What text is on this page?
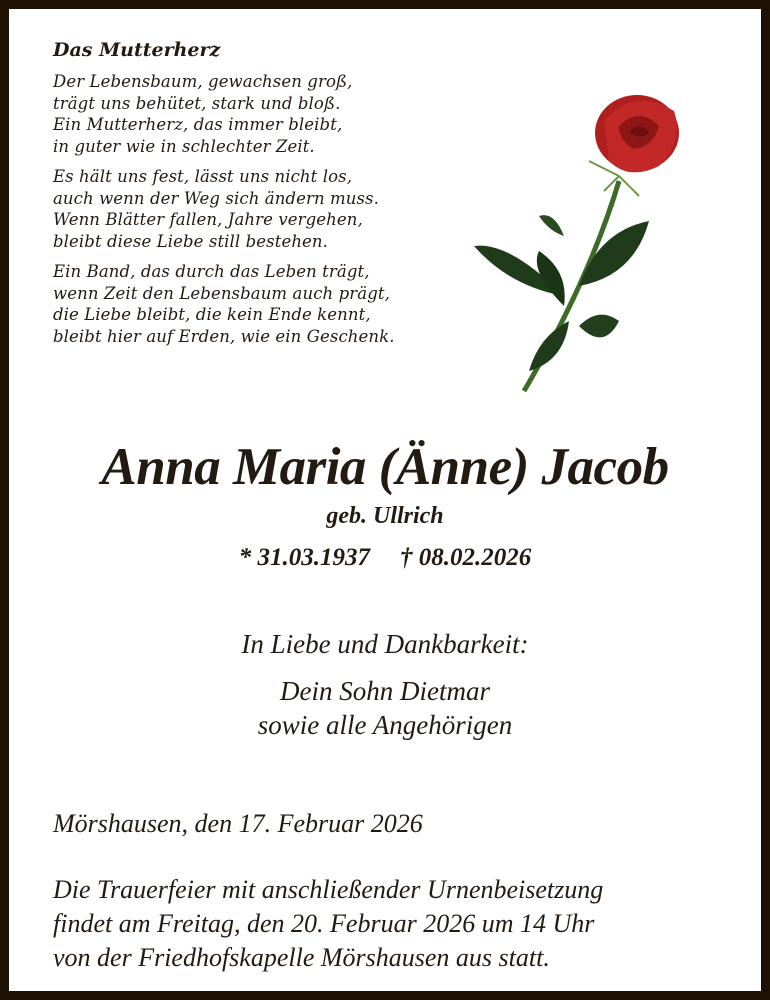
Das Mutterherz
Der Lebensbaum, gewachsen groß,
trägt uns behütet, stark und bloß.
Ein Mutterherz, das immer bleibt,
in guter wie in schlechter Zeit.
Es hält uns fest, lässt uns nicht los,
auch wenn der Weg sich ändern muss.
Wenn Blätter fallen, Jahre vergehen,
bleibt diese Liebe still bestehen.
Ein Band, das durch das Leben trägt,
wenn Zeit den Lebensbaum auch prägt,
die Liebe bleibt, die kein Ende kennt,
bleibt hier auf Erden, wie ein Geschenk.
Anna Maria (Änne) Jacob
geb. Ullrich
* 31.03.1937 † 08.02.2026
In Liebe und Dankbarkeit:
Dein Sohn Dietmar
sowie alle Angehörigen
Mörshausen, den 17. Februar 2026
Die Trauerfeier mit anschließender Urnenbeisetzung
findet am Freitag, den 20. Februar 2026 um 14 Uhr
von der Friedhofskapelle Mörshausen aus statt.
